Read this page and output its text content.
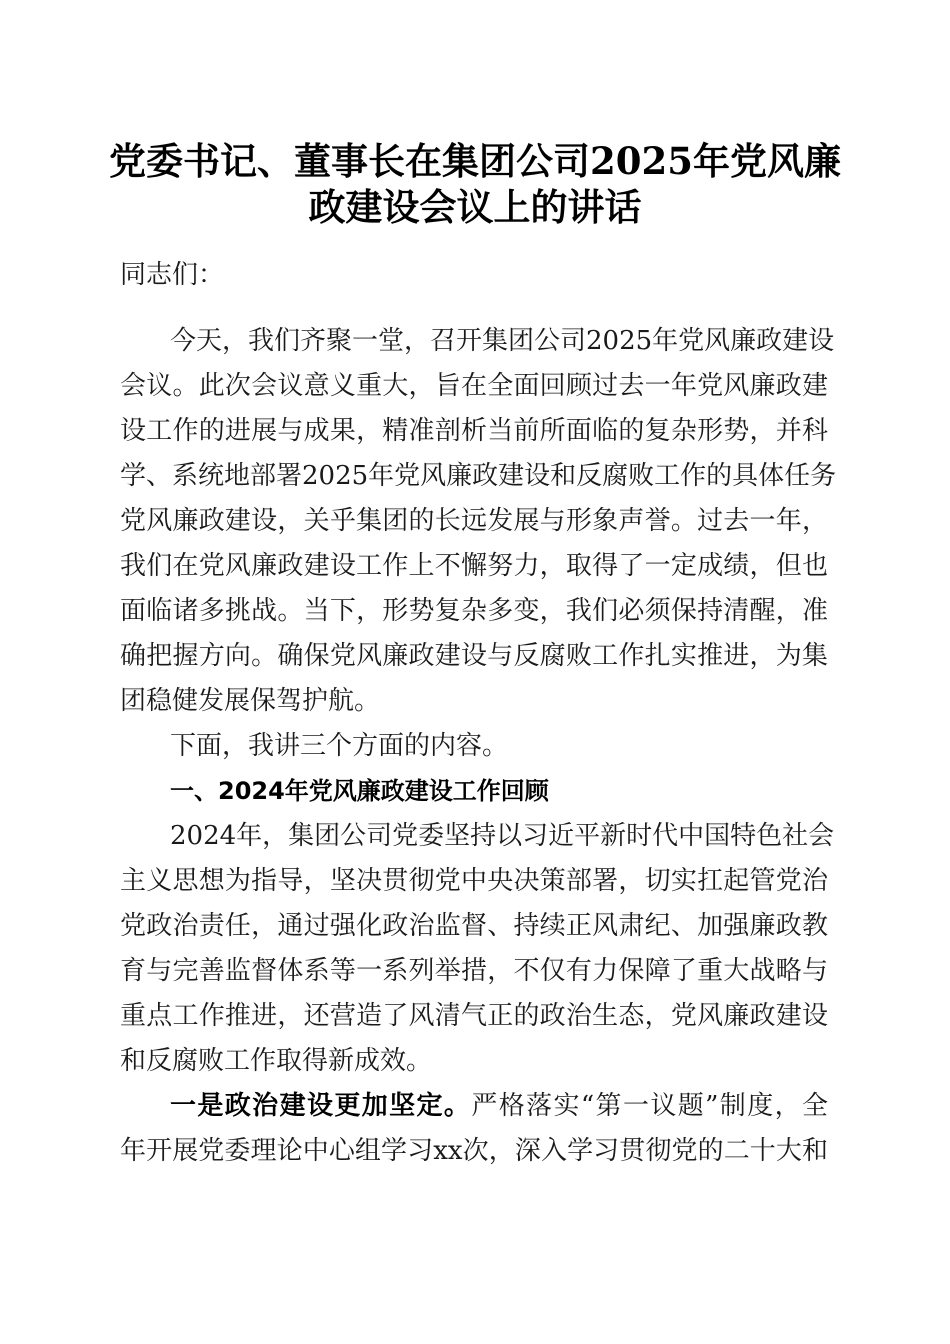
党委书记、董事长在集团公司2025年党风廉
政建设会议上的讲话
同志们：
今天，我们齐聚一堂，召开集团公司2025年党风廉政建设
会议。此次会议意义重大，旨在全面回顾过去一年党风廉政建
设工作的进展与成果，精准剖析当前所面临的复杂形势，并科
学、系统地部署2025年党风廉政建设和反腐败工作的具体任务
党风廉政建设，关乎集团的长远发展与形象声誉。过去一年，
我们在党风廉政建设工作上不懈努力，取得了一定成绩，但也
面临诸多挑战。当下，形势复杂多变，我们必须保持清醒，准
确把握方向。确保党风廉政建设与反腐败工作扎实推进，为集
团稳健发展保驾护航。
下面，我讲三个方面的内容。
一、2024年党风廉政建设工作回顾
2024年，集团公司党委坚持以习近平新时代中国特色社会
主义思想为指导，坚决贯彻党中央决策部署，切实扛起管党治
党政治责任，通过强化政治监督、持续正风肃纪、加强廉政教
育与完善监督体系等一系列举措，不仅有力保障了重大战略与
重点工作推进，还营造了风清气正的政治生态，党风廉政建设
和反腐败工作取得新成效。
一是政治建设更加坚定。严格落实“第一议题”制度，全
年开展党委理论中心组学习xx次，深入学习贯彻党的二十大和
